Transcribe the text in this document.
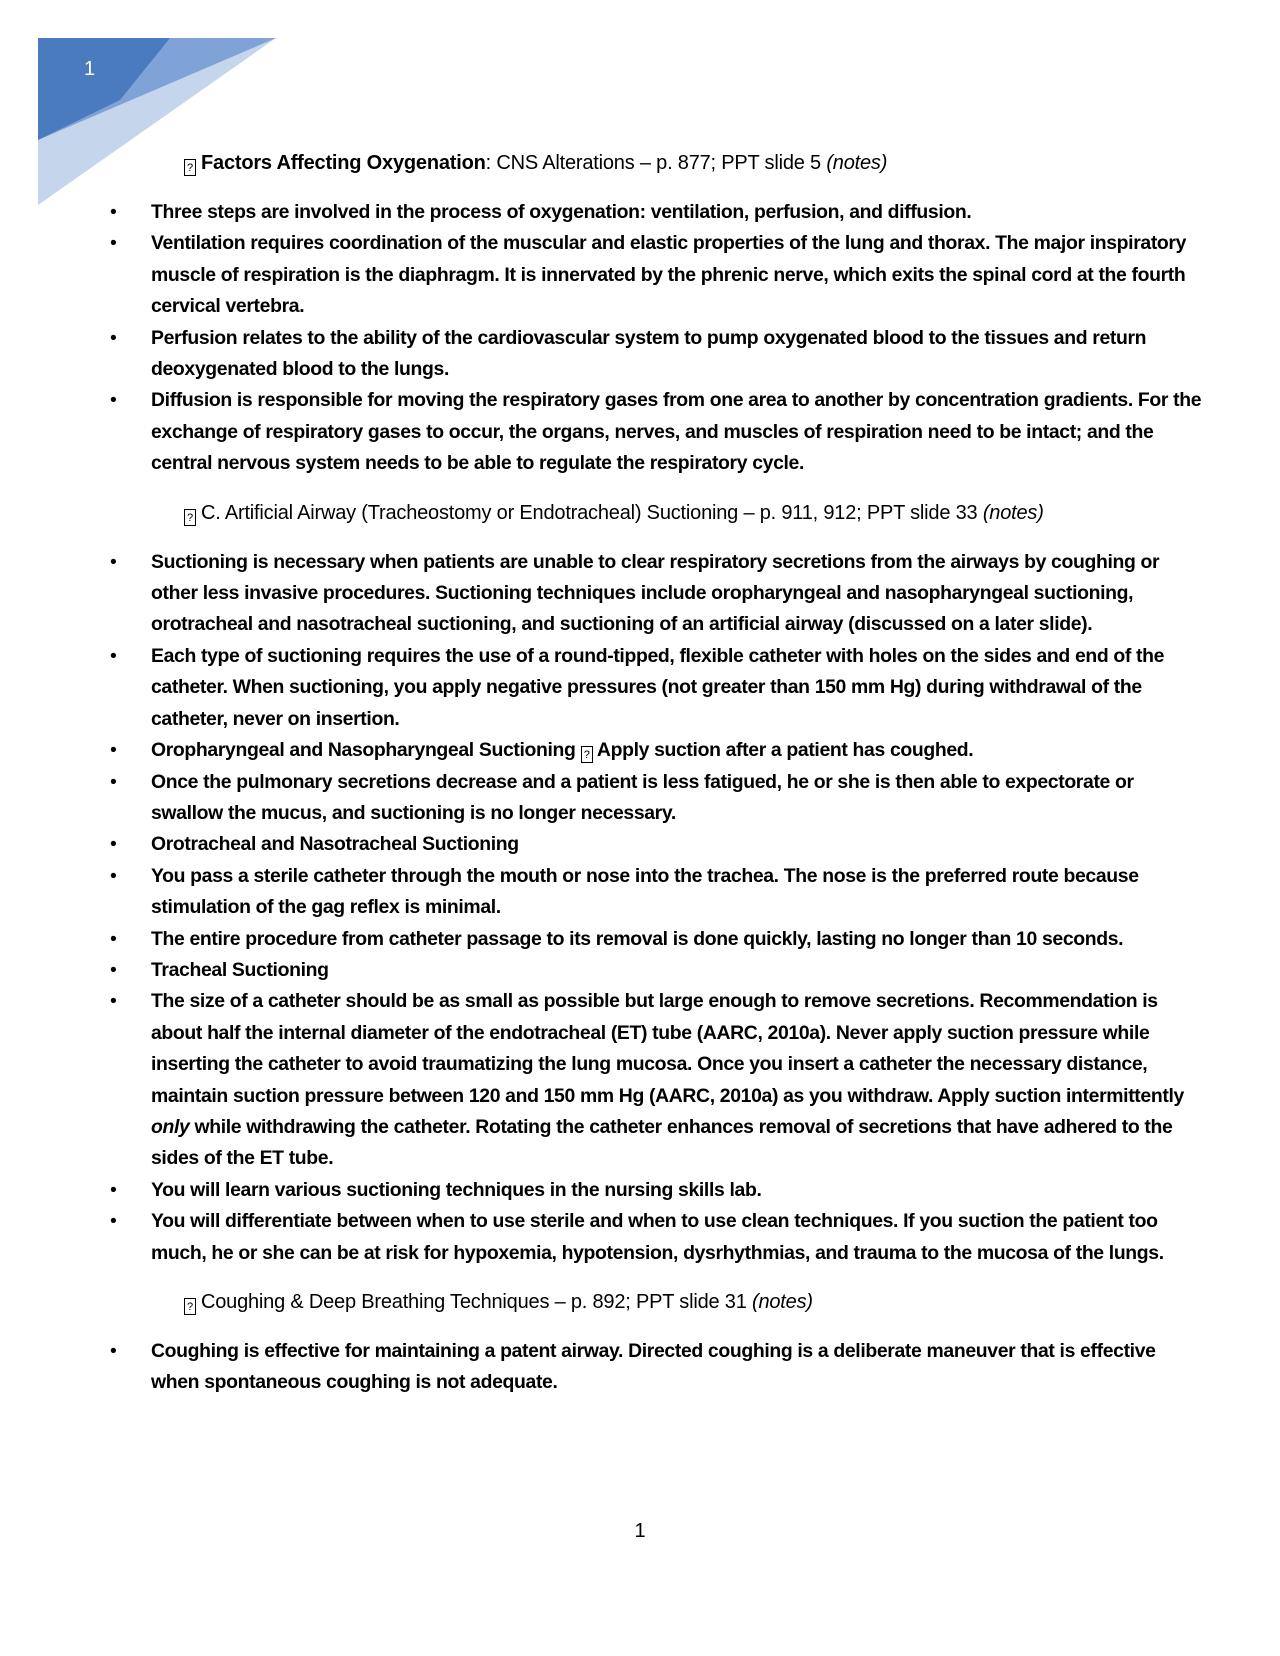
1

? Factors Affecting Oxygenation: CNS Alterations – p. 877; PPT slide 5 (notes)

• Three steps are involved in the process of oxygenation: ventilation, perfusion, and diffusion.
• Ventilation requires coordination of the muscular and elastic properties of the lung and thorax. The major inspiratory muscle of respiration is the diaphragm. It is innervated by the phrenic nerve, which exits the spinal cord at the fourth cervical vertebra.
• Perfusion relates to the ability of the cardiovascular system to pump oxygenated blood to the tissues and return deoxygenated blood to the lungs.
• Diffusion is responsible for moving the respiratory gases from one area to another by concentration gradients. For the exchange of respiratory gases to occur, the organs, nerves, and muscles of respiration need to be intact; and the central nervous system needs to be able to regulate the respiratory cycle.

? C. Artificial Airway (Tracheostomy or Endotracheal) Suctioning – p. 911, 912; PPT slide 33 (notes)

• Suctioning is necessary when patients are unable to clear respiratory secretions from the airways by coughing or other less invasive procedures. Suctioning techniques include oropharyngeal and nasopharyngeal suctioning, orotracheal and nasotracheal suctioning, and suctioning of an artificial airway (discussed on a later slide).
• Each type of suctioning requires the use of a round-tipped, flexible catheter with holes on the sides and end of the catheter. When suctioning, you apply negative pressures (not greater than 150 mm Hg) during withdrawal of the catheter, never on insertion.
• Oropharyngeal and Nasopharyngeal Suctioning ? Apply suction after a patient has coughed.
• Once the pulmonary secretions decrease and a patient is less fatigued, he or she is then able to expectorate or swallow the mucus, and suctioning is no longer necessary.
• Orotracheal and Nasotracheal Suctioning
• You pass a sterile catheter through the mouth or nose into the trachea. The nose is the preferred route because stimulation of the gag reflex is minimal.
• The entire procedure from catheter passage to its removal is done quickly, lasting no longer than 10 seconds.
• Tracheal Suctioning
• The size of a catheter should be as small as possible but large enough to remove secretions. Recommendation is about half the internal diameter of the endotracheal (ET) tube (AARC, 2010a). Never apply suction pressure while inserting the catheter to avoid traumatizing the lung mucosa. Once you insert a catheter the necessary distance, maintain suction pressure between 120 and 150 mm Hg (AARC, 2010a) as you withdraw. Apply suction intermittently only while withdrawing the catheter. Rotating the catheter enhances removal of secretions that have adhered to the sides of the ET tube.
• You will learn various suctioning techniques in the nursing skills lab.
• You will differentiate between when to use sterile and when to use clean techniques. If you suction the patient too much, he or she can be at risk for hypoxemia, hypotension, dysrhythmias, and trauma to the mucosa of the lungs.

? Coughing & Deep Breathing Techniques – p. 892; PPT slide 31 (notes)

• Coughing is effective for maintaining a patent airway. Directed coughing is a deliberate maneuver that is effective when spontaneous coughing is not adequate.
1
